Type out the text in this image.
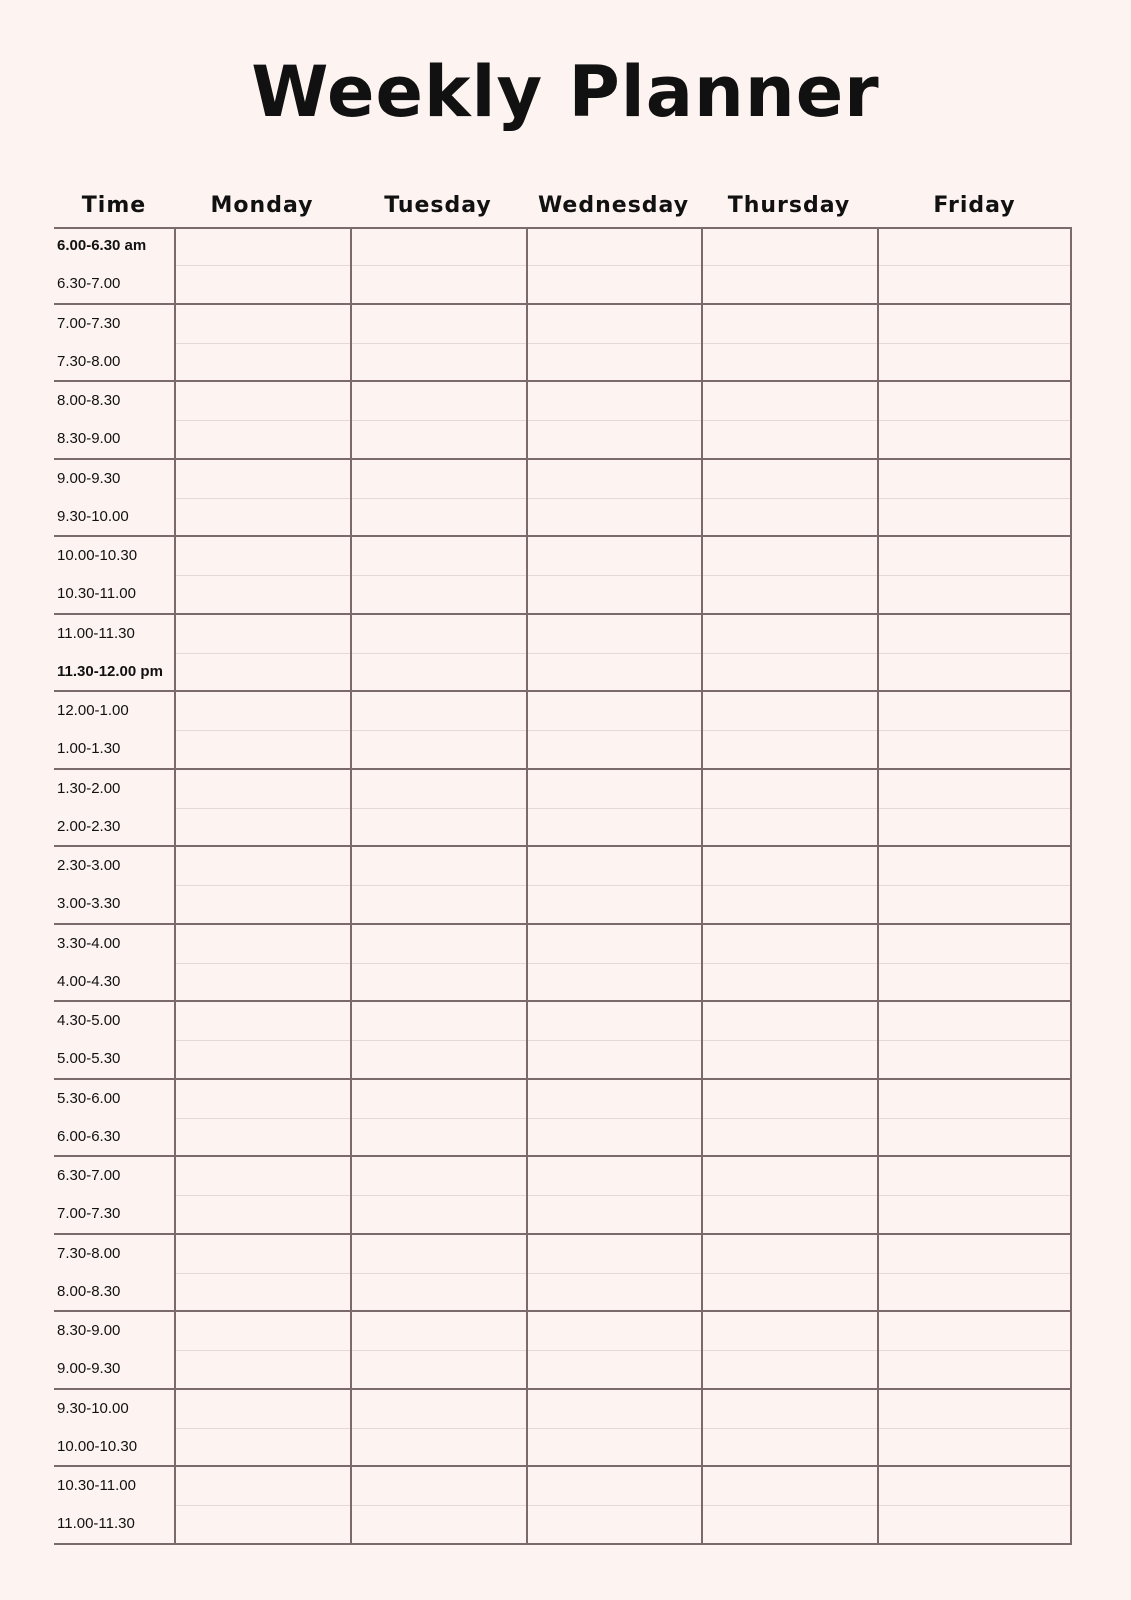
Weekly Planner
Time	Monday	Tuesday	Wednesday	Thursday	Friday
6.00-6.30 am
6.30-7.00
7.00-7.30
7.30-8.00
8.00-8.30
8.30-9.00
9.00-9.30
9.30-10.00
10.00-10.30
10.30-11.00
11.00-11.30
11.30-12.00 pm
12.00-1.00
1.00-1.30
1.30-2.00
2.00-2.30
2.30-3.00
3.00-3.30
3.30-4.00
4.00-4.30
4.30-5.00
5.00-5.30
5.30-6.00
6.00-6.30
6.30-7.00
7.00-7.30
7.30-8.00
8.00-8.30
8.30-9.00
9.00-9.30
9.30-10.00
10.00-10.30
10.30-11.00
11.00-11.30
